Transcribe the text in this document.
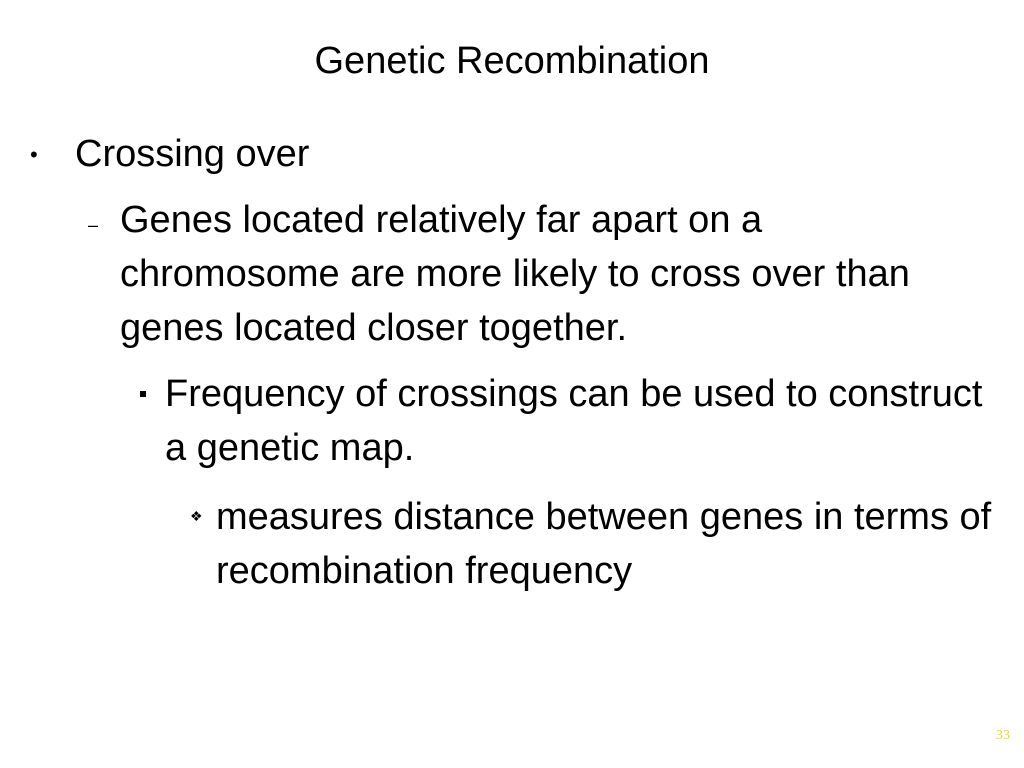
Genetic Recombination
• Crossing over
– Genes located relatively far apart on a chromosome are more likely to cross over than genes located closer together.
Frequency of crossings can be used to construct a genetic map.
❖ measures distance between genes in terms of recombination frequency
33
